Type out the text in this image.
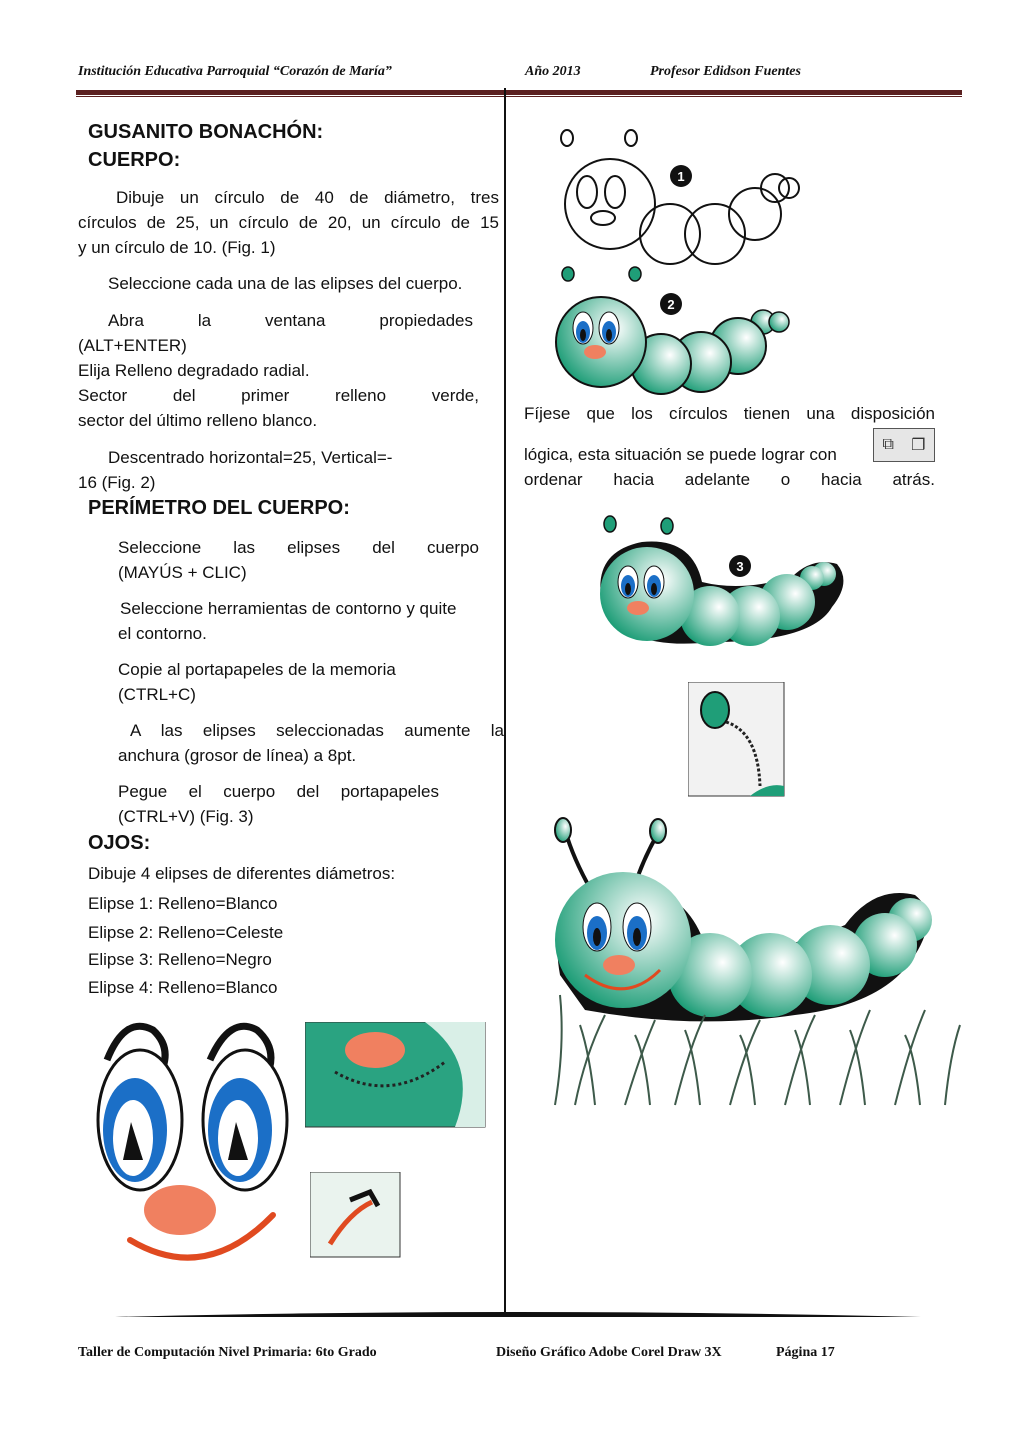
Institución Educativa Parroquial “Corazón de María”	Año 2013	Profesor Edidson Fuentes
GUSANITO BONACHÓN:
CUERPO:
Dibuje un círculo de 40 de diámetro, tres
círculos de 25, un círculo de 20, un círculo de 15
y un círculo de 10. (Fig. 1)
Seleccione cada una de las elipses del cuerpo.
Abra la ventana propiedades
(ALT+ENTER)
Elija Relleno degradado radial.
Sector del primer relleno verde,
sector del último relleno blanco.
Descentrado horizontal=25, Vertical=-
16 (Fig. 2)
PERÍMETRO DEL CUERPO:
Seleccione las elipses del cuerpo
(MAYÚS + CLIC)
Seleccione herramientas de contorno y quite
el contorno.
Copie al portapapeles de la memoria
(CTRL+C)
A las elipses seleccionadas aumente la
anchura (grosor de línea) a 8pt.
Pegue el cuerpo del portapapeles
(CTRL+V) (Fig. 3)
OJOS:
Dibuje 4 elipses de diferentes diámetros:
Elipse 1: Relleno=Blanco
Elipse 2: Relleno=Celeste
Elipse 3: Relleno=Negro
Elipse 4: Relleno=Blanco
1
2
Fíjese que los círculos tienen una disposición
lógica, esta situación se puede lograr con
⧉ ❐
ordenar hacia adelante o hacia atrás.
3
Taller de Computación Nivel Primaria: 6to Grado	Diseño Gráfico Adobe Corel Draw 3X	Página 17
